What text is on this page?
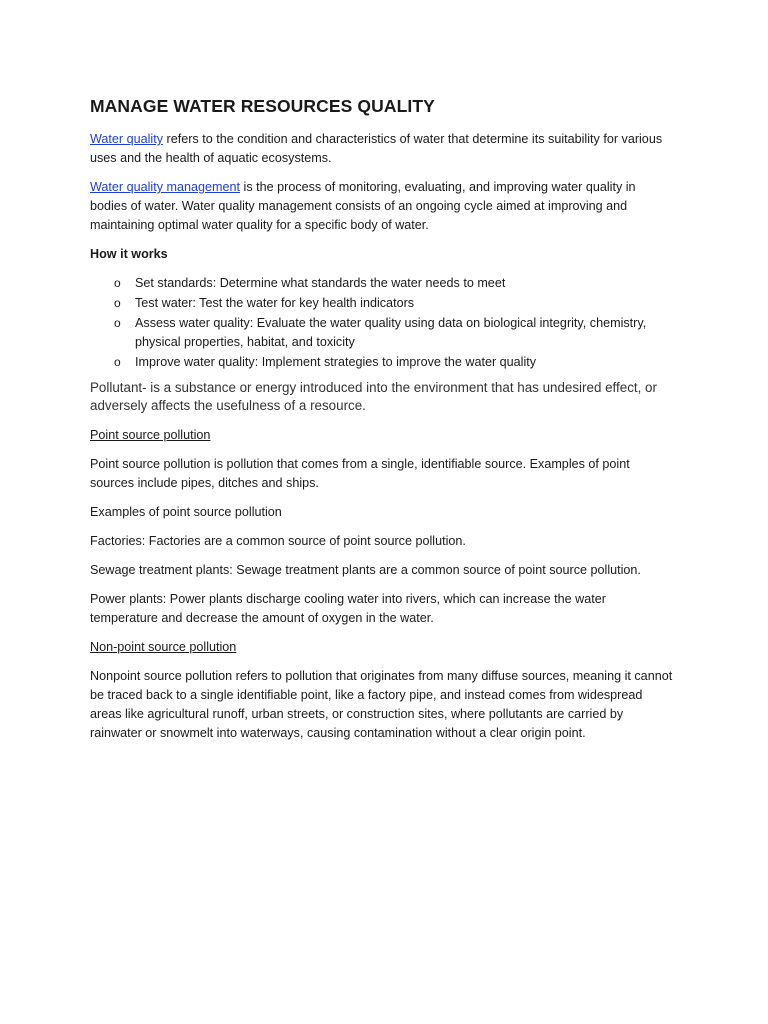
MANAGE WATER RESOURCES QUALITY

Water quality refers to the condition and characteristics of water that determine its suitability for various uses and the health of aquatic ecosystems.

Water quality management is the process of monitoring, evaluating, and improving water quality in bodies of water. Water quality management consists of an ongoing cycle aimed at improving and maintaining optimal water quality for a specific body of water.

How it works

o Set standards: Determine what standards the water needs to meet
o Test water: Test the water for key health indicators
o Assess water quality: Evaluate the water quality using data on biological integrity, chemistry, physical properties, habitat, and toxicity
o Improve water quality: Implement strategies to improve the water quality

Pollutant- is a substance or energy introduced into the environment that has undesired effect, or adversely affects the usefulness of a resource.

Point source pollution

Point source pollution is pollution that comes from a single, identifiable source. Examples of point sources include pipes, ditches and ships.

Examples of point source pollution

Factories: Factories are a common source of point source pollution.

Sewage treatment plants: Sewage treatment plants are a common source of point source pollution.

Power plants: Power plants discharge cooling water into rivers, which can increase the water temperature and decrease the amount of oxygen in the water.

Non-point source pollution

Nonpoint source pollution refers to pollution that originates from many diffuse sources, meaning it cannot be traced back to a single identifiable point, like a factory pipe, and instead comes from widespread areas like agricultural runoff, urban streets, or construction sites, where pollutants are carried by rainwater or snowmelt into waterways, causing contamination without a clear origin point.
